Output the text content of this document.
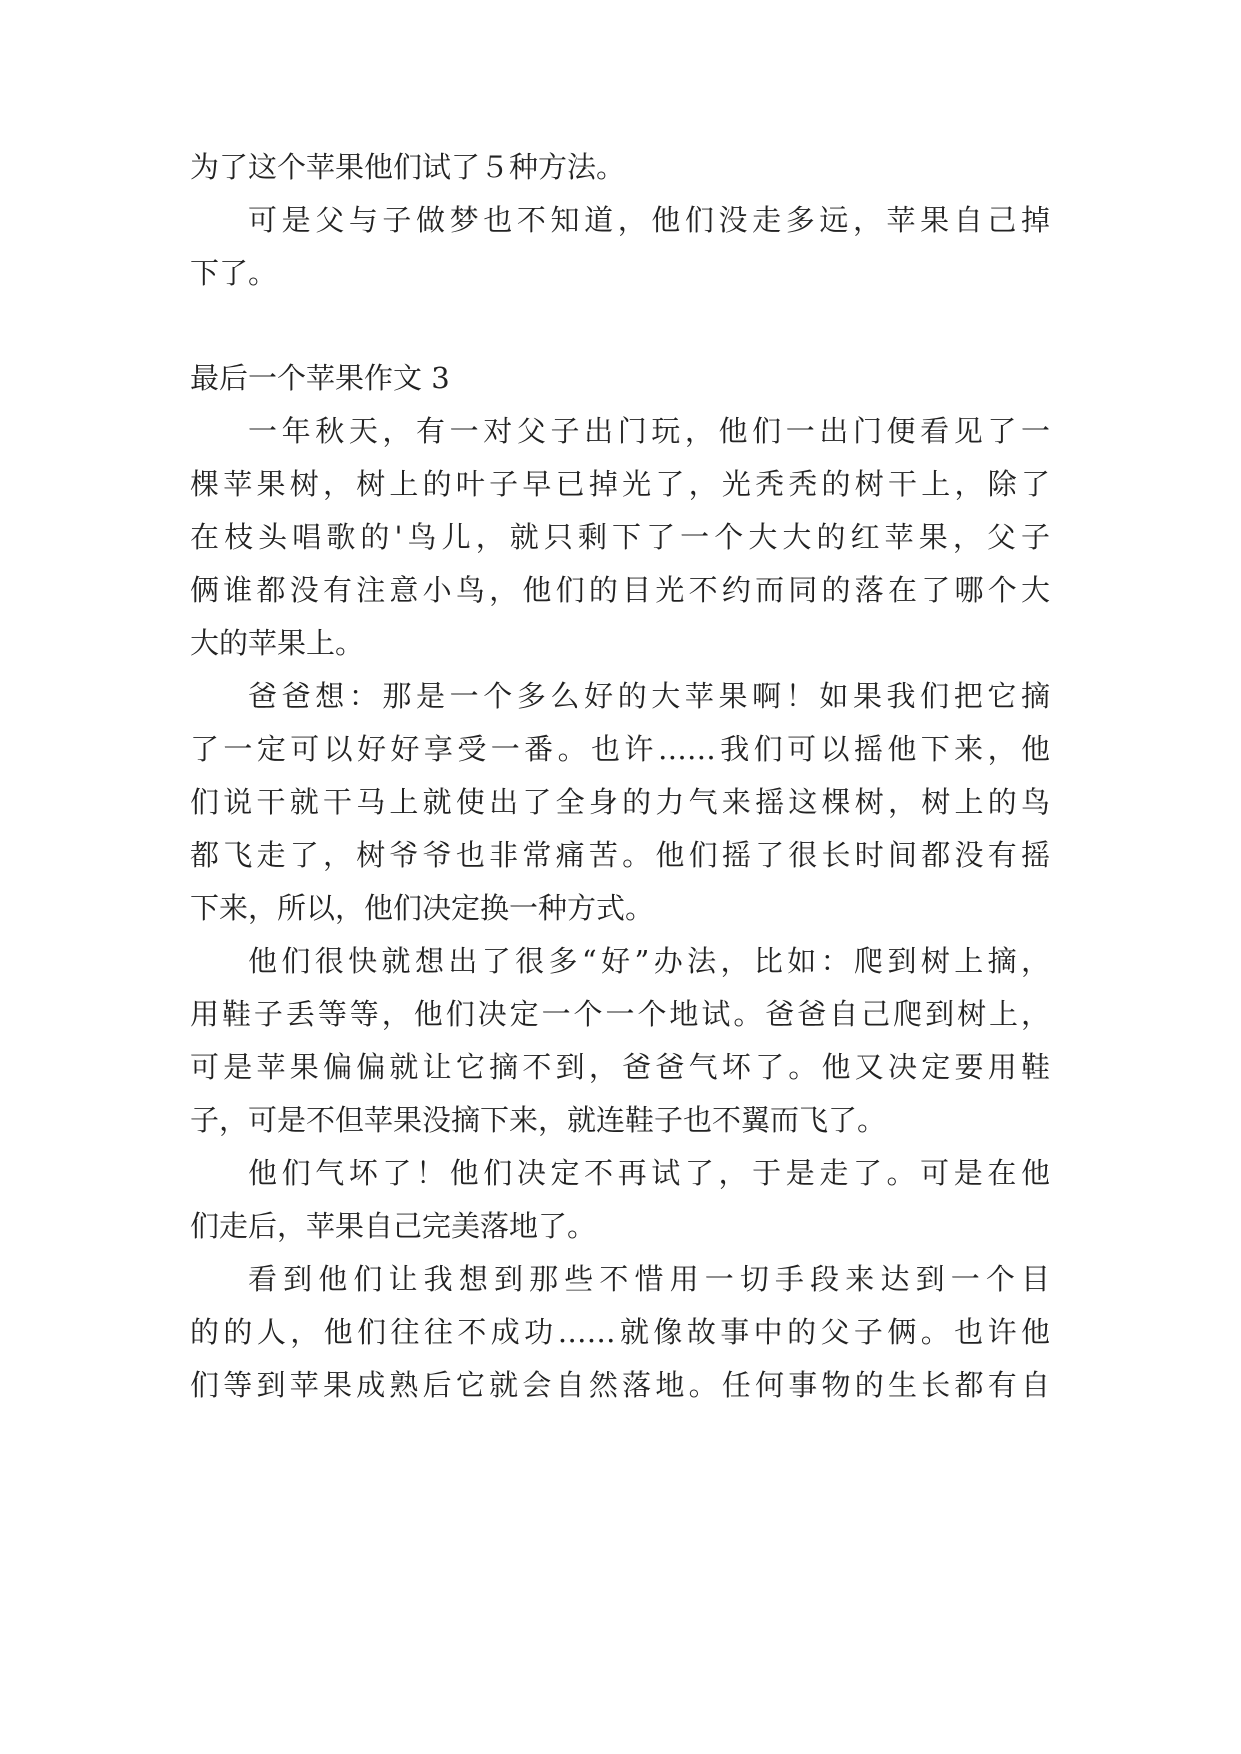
为了这个苹果他们试了５种方法。
可是父与子做梦也不知道，他们没走多远，苹果自己掉
下了。
最后一个苹果作文 3
一年秋天，有一对父子出门玩，他们一出门便看见了一
棵苹果树，树上的叶子早已掉光了，光秃秃的树干上，除了
在枝头唱歌的'鸟儿，就只剩下了一个大大的红苹果，父子
俩谁都没有注意小鸟，他们的目光不约而同的落在了哪个大
大的苹果上。
爸爸想：那是一个多么好的大苹果啊！如果我们把它摘
了一定可以好好享受一番。也许……我们可以摇他下来，他
们说干就干马上就使出了全身的力气来摇这棵树，树上的鸟
都飞走了，树爷爷也非常痛苦。他们摇了很长时间都没有摇
下来，所以，他们决定换一种方式。
他们很快就想出了很多“好”办法，比如：爬到树上摘，
用鞋子丢等等，他们决定一个一个地试。爸爸自己爬到树上，
可是苹果偏偏就让它摘不到，爸爸气坏了。他又决定要用鞋
子，可是不但苹果没摘下来，就连鞋子也不翼而飞了。
他们气坏了！他们决定不再试了，于是走了。可是在他
们走后，苹果自己完美落地了。
看到他们让我想到那些不惜用一切手段来达到一个目
的的人，他们往往不成功……就像故事中的父子俩。也许他
们等到苹果成熟后它就会自然落地。任何事物的生长都有自
